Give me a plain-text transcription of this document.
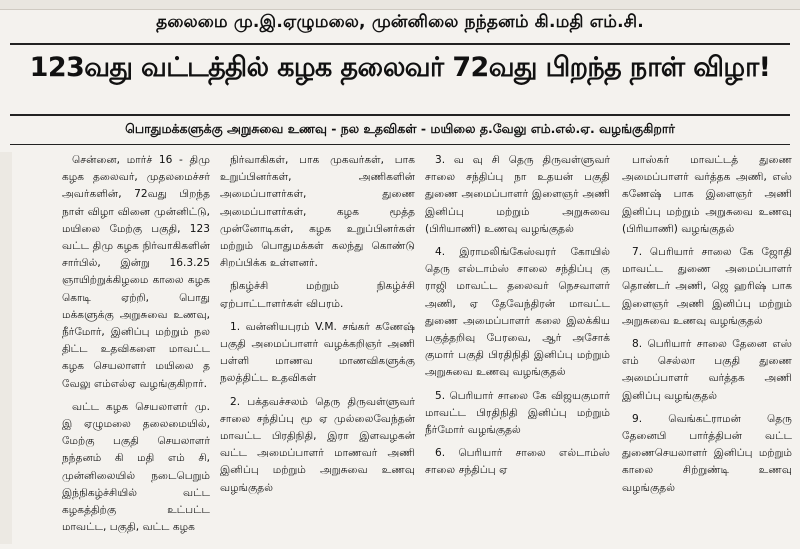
தலைமை மு.இ.ஏழுமலை, முன்னிலை நந்தனம் கி.மதி எம்.சி.
123வது வட்டத்தில் கழக தலைவர் 72வது பிறந்த நாள் விழா!
பொதுமக்களுக்கு அறுசுவை உணவு - நல உதவிகள் - மயிலை த.வேலு எம்.எல்.ஏ. வழங்குகிறார்

சென்னை, மார்ச் 16 - திமு கழக தலைவர், முதலமைச்சர் அவர்களின், 72வது பிறந்த நாள் விழா வினை முன்னிட்டு, மயிலை மேற்கு பகுதி, 123 வட்ட திமு கழக நிர்வாகிகளின் சார்பில், இன்று 16.3.25 ஞாயிற்றுக்கிழமை காலை கழக கொடி ஏற்றி, பொது மக்களுக்கு அறுசுவை உணவு, நீர்மோர், இனிப்பு மற்றும் நல திட்ட உதவிகளை மாவட்ட கழக செயலாளர் மயிலை த வேலு எம்எல்ஏ வழங்குகிறார்.

வட்ட கழக செயலாளர் மு. இ ஏழுமலை தலைமையில், மேற்கு பகுதி செயலாளர் நந்தனம் கி மதி எம் சி, முன்னிலையில் நடைபெறும் இந்நிகழ்ச்சியில் வட்ட கழகத்திற்கு உட்பட்ட மாவட்ட, பகுதி, வட்ட கழக

நிர்வாகிகள், பாக முகவர்கள், பாக உறுப்பினர்கள், அணிகளின் அமைப்பாளர்கள், துணை அமைப்பாளர்கள், கழக மூத்த முன்னோடிகள், கழக உறுப்பினர்கள் மற்றும் பொதுமக்கள் கலந்து கொண்டு சிறப்பிக்க உள்ளனர்.

நிகழ்ச்சி மற்றும் நிகழ்ச்சி ஏற்பாட்டாளர்கள் விபரம்.

1. வன்னியபுரம் V.M. சங்கர் கணேஷ் பகுதி அமைப்பாளர் வழக்கறிஞர் அணி பள்ளி மாணவ மாணவிகளுக்கு நலத்திட்ட உதவிகள்

2. பக்தவச்சலம் தெரு திருவள்ளுவர் சாலை சந்திப்பு மூ ஏ முல்லைவேந்தன் மாவட்ட பிரதிநிதி, இரா இளவழகன் வட்ட அமைப்பாளர் மாணவர் அணி இனிப்பு மற்றும் அறுசுவை உணவு வழங்குதல்

3. வ வு சி தெரு திருவள்ளுவர் சாலை சந்திப்பு நா உதயன் பகுதி துணை அமைப்பாளர் இளைஞர் அணி இனிப்பு மற்றும் அறுசுவை (பிரியாணி) உணவு வழங்குதல்

4. இராமலிங்கேஸ்வரர் கோயில் தெரு எல்டாம்ஸ் சாலை சந்திப்பு கு ராஜி மாவட்ட தலைவர் நெசவாளர் அணி, ஏ தேவேந்திரன் மாவட்ட துணை அமைப்பாளர் கலை இலக்கிய பகுத்தறிவு பேரவை, ஆர் அசோக் குமார் பகுதி பிரதிநிதி இனிப்பு மற்றும் அறுசுவை உணவு வழங்குதல்

5. பெரியார் சாலை கே விஜயகுமார் மாவட்ட பிரதிநிதி இனிப்பு மற்றும் நீர்மோர் வழங்குதல்

6. பெரியார் சாலை எல்டாம்ஸ் சாலை சந்திப்பு ஏ

பாஸ்கர் மாவட்டத் துணை அமைப்பாளர் வர்த்தக அணி, எஸ் கணேஷ் பாக இளைஞர் அணி இனிப்பு மற்றும் அறுசுவை உணவு (பிரியாணி) வழங்குதல்

7. பெரியார் சாலை கே ஜோதி மாவட்ட துணை அமைப்பாளர் தொண்டர் அணி, ஜெ ஹரிஷ் பாக இளைஞர் அணி இனிப்பு மற்றும் அறுசுவை உணவு வழங்குதல்

8. பெரியார் சாலை தேனை எஸ் எம் செல்லா பகுதி துணை அமைப்பாளர் வர்த்தக அணி இனிப்பு வழங்குதல்

9. வெங்கட்ராமன் தெரு தேனைபி பார்த்திபன் வட்ட துணைசெயலாளர் இனிப்பு மற்றும் காலை சிற்றுண்டி உணவு வழங்குதல்
